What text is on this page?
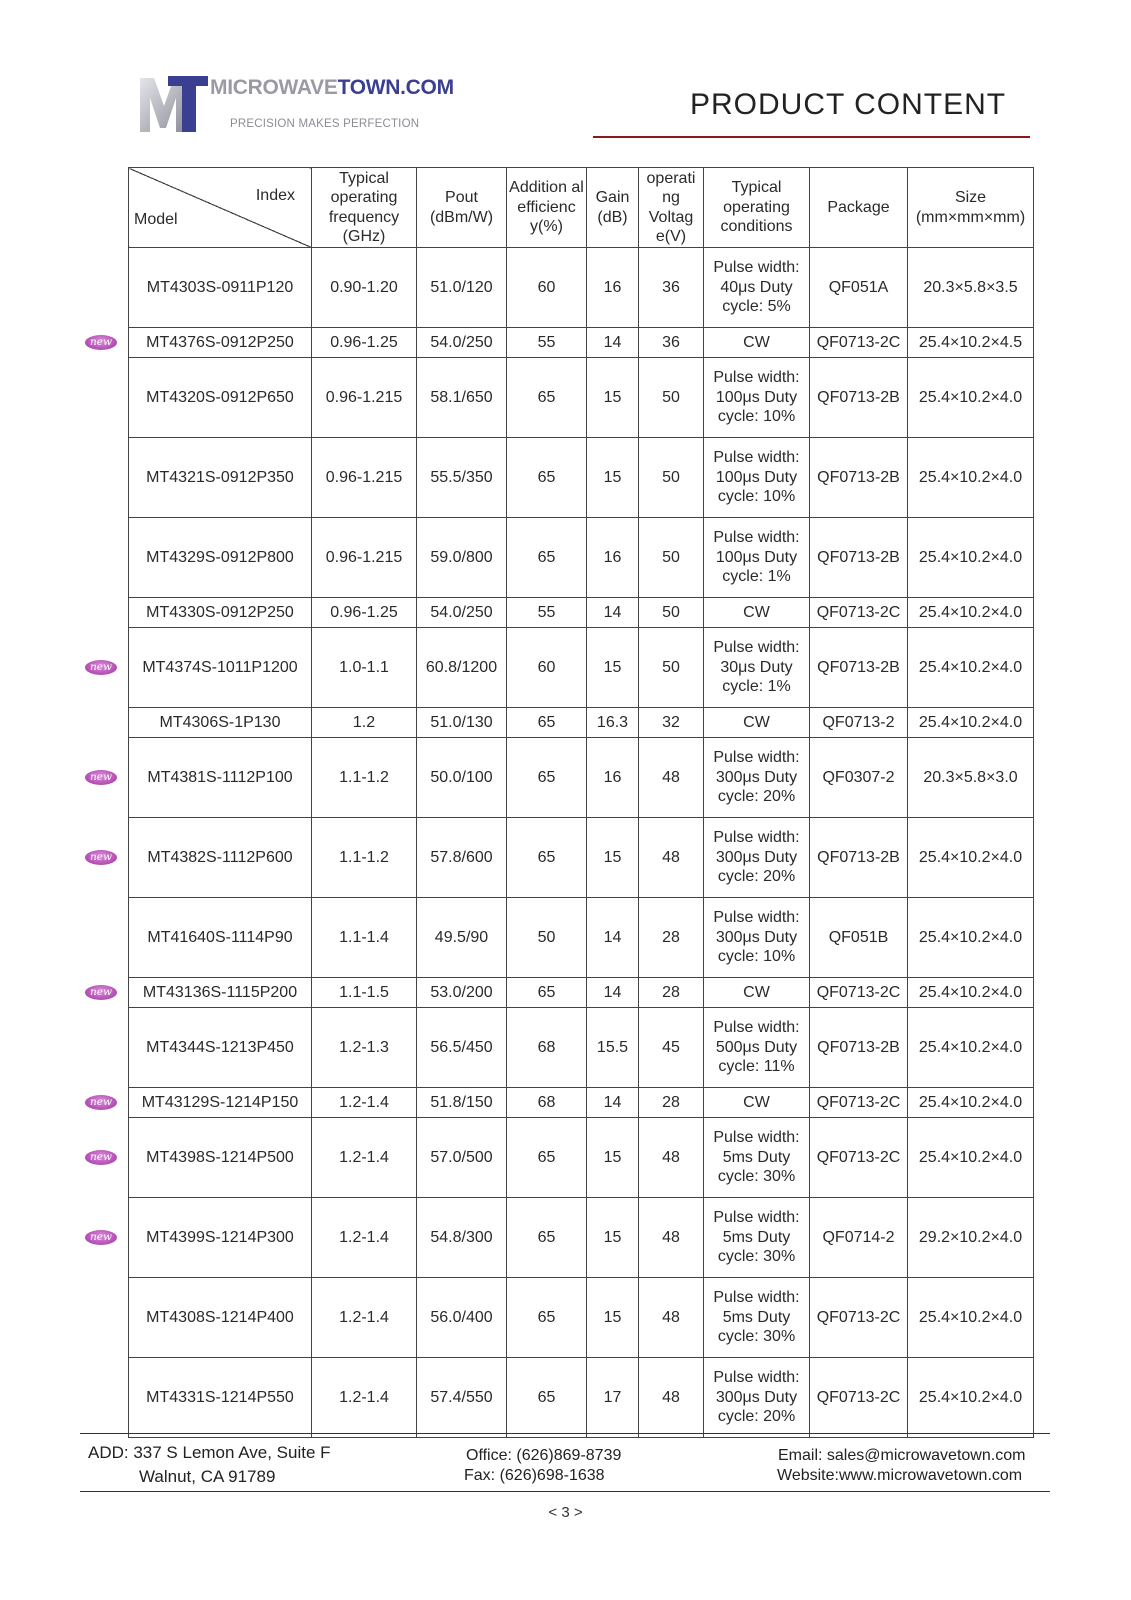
MICROWAVETOWN.COM
PRECISION MAKES PERFECTION
PRODUCT CONTENT
Index
Model	Typical operating frequency (GHz)	Pout (dBm/W)	Addition al efficienc y(%)	Gain (dB)	operati ng Voltag e(V)	Typical operating conditions	Package	Size (mm×mm×mm)
MT4303S-0911P120	0.90-1.20	51.0/120	60	16	36	Pulse width: 40μs Duty cycle: 5%	QF051A	20.3×5.8×3.5
MT4376S-0912P250	0.96-1.25	54.0/250	55	14	36	CW	QF0713-2C	25.4×10.2×4.5
MT4320S-0912P650	0.96-1.215	58.1/650	65	15	50	Pulse width: 100μs Duty cycle: 10%	QF0713-2B	25.4×10.2×4.0
MT4321S-0912P350	0.96-1.215	55.5/350	65	15	50	Pulse width: 100μs Duty cycle: 10%	QF0713-2B	25.4×10.2×4.0
MT4329S-0912P800	0.96-1.215	59.0/800	65	16	50	Pulse width: 100μs Duty cycle: 1%	QF0713-2B	25.4×10.2×4.0
MT4330S-0912P250	0.96-1.25	54.0/250	55	14	50	CW	QF0713-2C	25.4×10.2×4.0
MT4374S-1011P1200	1.0-1.1	60.8/1200	60	15	50	Pulse width: 30μs Duty cycle: 1%	QF0713-2B	25.4×10.2×4.0
MT4306S-1P130	1.2	51.0/130	65	16.3	32	CW	QF0713-2	25.4×10.2×4.0
MT4381S-1112P100	1.1-1.2	50.0/100	65	16	48	Pulse width: 300μs Duty cycle: 20%	QF0307-2	20.3×5.8×3.0
MT4382S-1112P600	1.1-1.2	57.8/600	65	15	48	Pulse width: 300μs Duty cycle: 20%	QF0713-2B	25.4×10.2×4.0
MT41640S-1114P90	1.1-1.4	49.5/90	50	14	28	Pulse width: 300μs Duty cycle: 10%	QF051B	25.4×10.2×4.0
MT43136S-1115P200	1.1-1.5	53.0/200	65	14	28	CW	QF0713-2C	25.4×10.2×4.0
MT4344S-1213P450	1.2-1.3	56.5/450	68	15.5	45	Pulse width: 500μs Duty cycle: 11%	QF0713-2B	25.4×10.2×4.0
MT43129S-1214P150	1.2-1.4	51.8/150	68	14	28	CW	QF0713-2C	25.4×10.2×4.0
MT4398S-1214P500	1.2-1.4	57.0/500	65	15	48	Pulse width: 5ms Duty cycle: 30%	QF0713-2C	25.4×10.2×4.0
MT4399S-1214P300	1.2-1.4	54.8/300	65	15	48	Pulse width: 5ms Duty cycle: 30%	QF0714-2	29.2×10.2×4.0
MT4308S-1214P400	1.2-1.4	56.0/400	65	15	48	Pulse width: 5ms Duty cycle: 30%	QF0713-2C	25.4×10.2×4.0
MT4331S-1214P550	1.2-1.4	57.4/550	65	17	48	Pulse width: 300μs Duty cycle: 20%	QF0713-2C	25.4×10.2×4.0
new
new
new
new
new
new
new
new
ADD: 337 S Lemon Ave, Suite F
Walnut, CA 91789
Office: (626)869-8739
Fax: (626)698-1638
Email: sales@microwavetown.com
Website:www.microwavetown.com
< 3 >
